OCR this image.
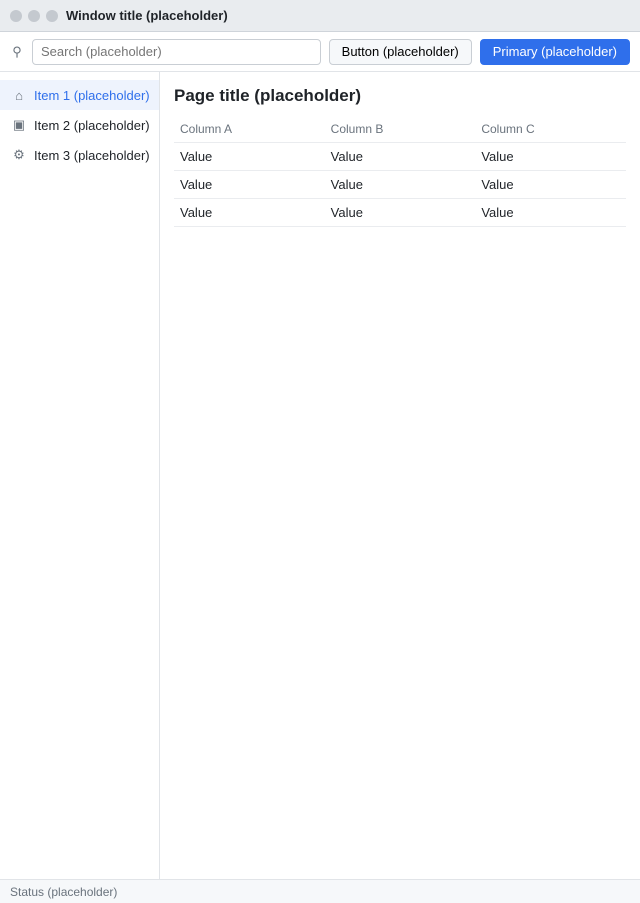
Window title (placeholder)
⚲
Search (placeholder)	Button (placeholder)	Primary (placeholder)
⌂ Item 1 (placeholder)
▣ Item 2 (placeholder)
⚙ Item 3 (placeholder)
Page title (placeholder)
Column A	Column B	Column C
Value	Value	Value
Value	Value	Value
Value	Value	Value
Status (placeholder)
